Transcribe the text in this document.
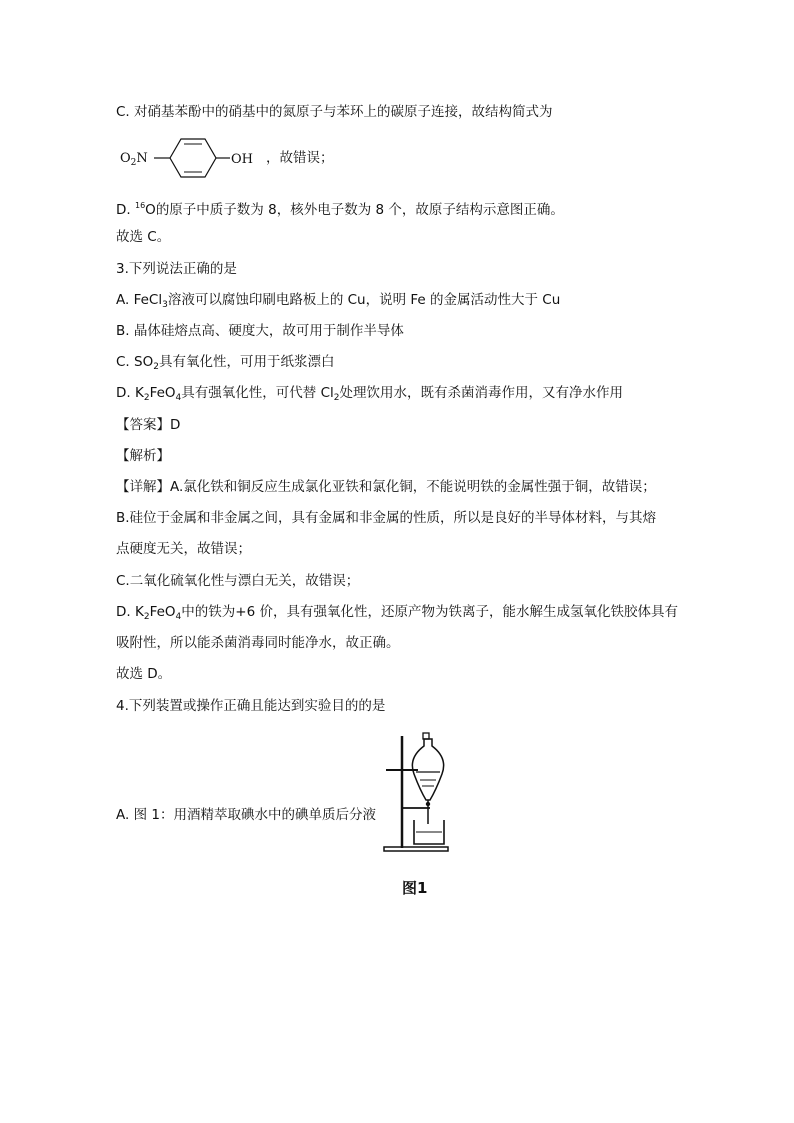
C. 对硝基苯酚中的硝基中的氮原子与苯环上的碳原子连接，故结构简式为
$O_2N$	OH ，故错误；
D. $^{16}$O的原子中质子数为 8，核外电子数为 8 个，故原子结构示意图正确。
故选 C。
3.下列说法正确的是
A. FeCl$_3$溶液可以腐蚀印刷电路板上的 Cu，说明 Fe 的金属活动性大于 Cu
B. 晶体硅熔点高、硬度大，故可用于制作半导体
C. $SO_2$具有氧化性，可用于纸浆漂白
D. $K_2FeO_4$具有强氧化性，可代替 $Cl_2$处理饮用水，既有杀菌消毒作用，又有净水作用
【答案】D
【解析】
【详解】A.氯化铁和铜反应生成氯化亚铁和氯化铜，不能说明铁的金属性强于铜，故错误；
B.硅位于金属和非金属之间，具有金属和非金属的性质，所以是良好的半导体材料，与其熔
点硬度无关，故错误；
C.二氧化硫氧化性与漂白无关，故错误；
D. $K_2FeO_4$中的铁为+6 价，具有强氧化性，还原产物为铁离子，能水解生成氢氧化铁胶体具有
吸附性，所以能杀菌消毒同时能净水，故正确。
故选 D。
4.下列装置或操作正确且能达到实验目的的是
A. 图 1：用酒精萃取碘水中的碘单质后分液
图1
